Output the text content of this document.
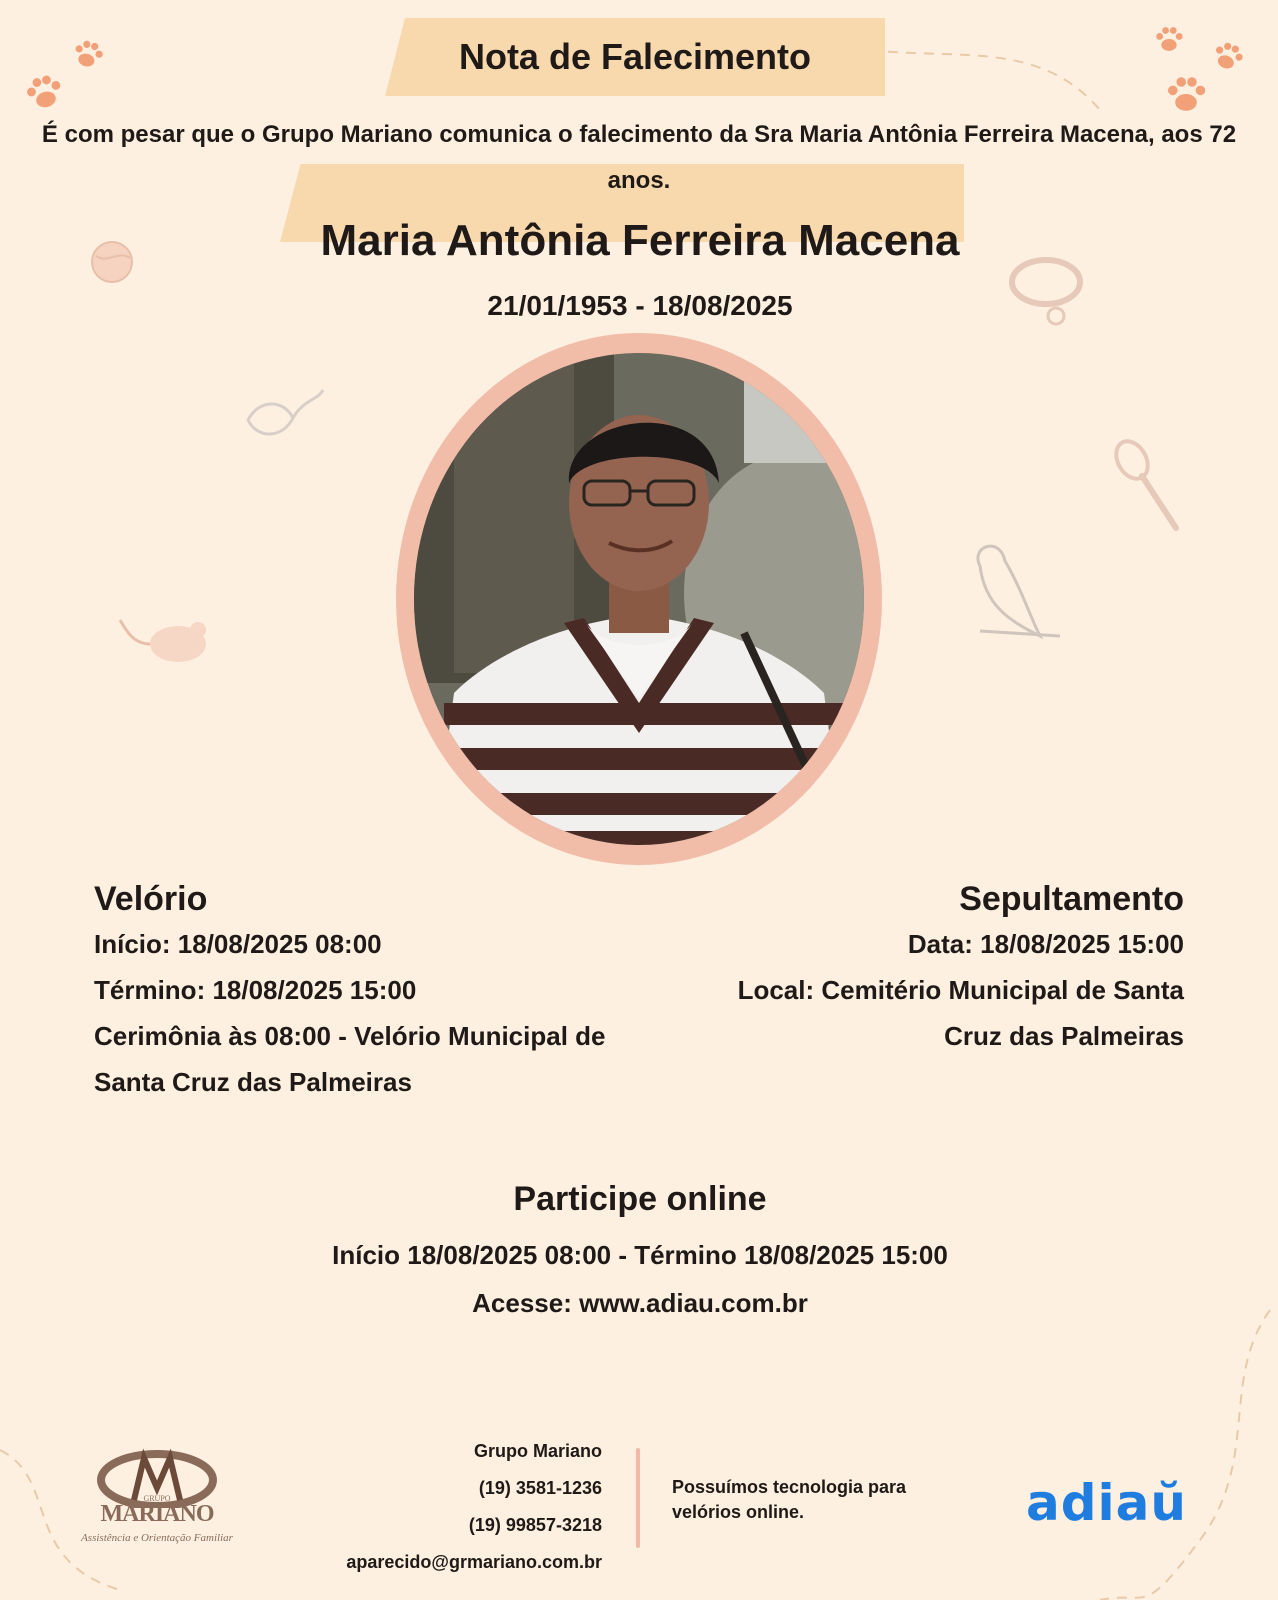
Nota de Falecimento
É com pesar que o Grupo Mariano comunica o falecimento da Sra Maria Antônia Ferreira Macena, aos 72 anos.
Maria Antônia Ferreira Macena
21/01/1953 - 18/08/2025
Velório
Início: 18/08/2025 08:00
Término: 18/08/2025 15:00
Cerimônia às 08:00 - Velório Municipal de Santa Cruz das Palmeiras
Sepultamento
Data: 18/08/2025 15:00
Local: Cemitério Municipal de Santa Cruz das Palmeiras
Participe online
Início 18/08/2025 08:00 - Término 18/08/2025 15:00
Acesse: www.adiau.com.br
GRUPO
MARIANO
Assistência e Orientação Familiar
Grupo Mariano
(19) 3581-1236
(19) 99857-3218
aparecido@grmariano.com.br
Possuímos tecnologia para velórios online.	adiaŭ
